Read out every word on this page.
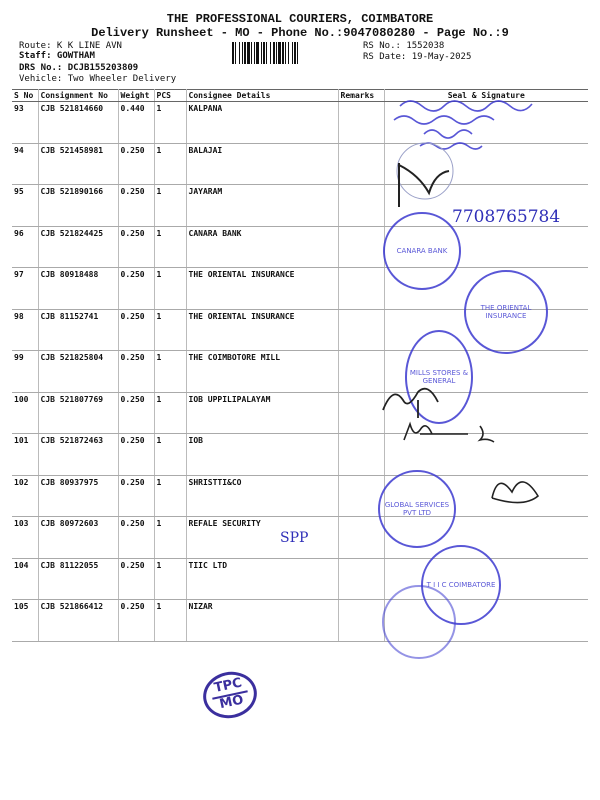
THE PROFESSIONAL COURIERS, COIMBATORE
Delivery Runsheet - MO - Phone No.:9047080280 - Page No.:9
Route: K K LINE AVN
Staff: GOWTHAM
DRS No.: DCJB155203809
Vehicle: Two Wheeler Delivery
RS No.: 1552038
RS Date: 19-May-2025
S No	Consignment No	Weight	PCS	Consignee Details	Remarks	Seal & Signature
93	CJB 521814660	0.440	1	KALPANA		
94	CJB 521458981	0.250	1	BALAJAI		
95	CJB 521890166	0.250	1	JAYARAM		
96	CJB 521824425	0.250	1	CANARA BANK		
97	CJB 80918488	0.250	1	THE ORIENTAL INSURANCE		
98	CJB 81152741	0.250	1	THE ORIENTAL INSURANCE		
99	CJB 521825804	0.250	1	THE COIMBOTORE MILL		
100	CJB 521807769	0.250	1	IOB UPPILIPALAYAM		
101	CJB 521872463	0.250	1	IOB		
102	CJB 80937975	0.250	1	SHRISTTI&CO		
103	CJB 80972603	0.250	1	REFALE SECURITY		
104	CJB 81122055	0.250	1	TIIC LTD		
105	CJB 521866412	0.250	1	NIZAR		
7708765784
CANARA BANK
THE ORIENTAL INSURANCE
MILLS STORES & GENERAL
GLOBAL SERVICES PVT LTD
SPP
T I I C COIMBATORE
TPC
MO
